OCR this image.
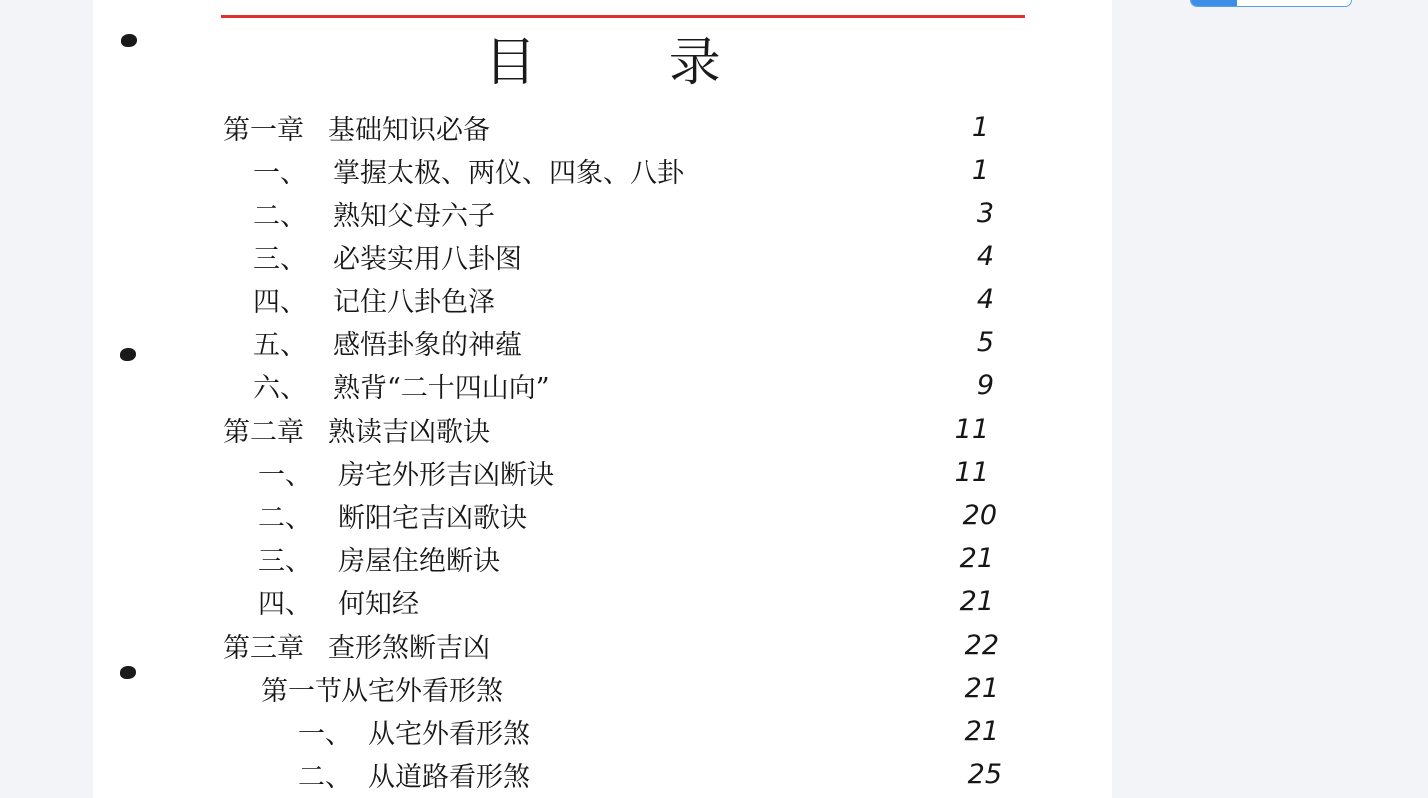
目 录
第一章 基础知识必备	1
一、 掌握太极、两仪、四象、八卦	1
二、 熟知父母六子	3
三、 必装实用八卦图	4
四、 记住八卦色泽	4
五、 感悟卦象的神蕴	5
六、 熟背“二十四山向”	9
第二章 熟读吉凶歌诀	11
一、 房宅外形吉凶断诀	11
二、 断阳宅吉凶歌诀	20
三、 房屋住绝断诀	21
四、 何知经	21
第三章 查形煞断吉凶	22
第一节 从宅外看形煞	21
一、 从宅外看形煞	21
二、 从道路看形煞	25
